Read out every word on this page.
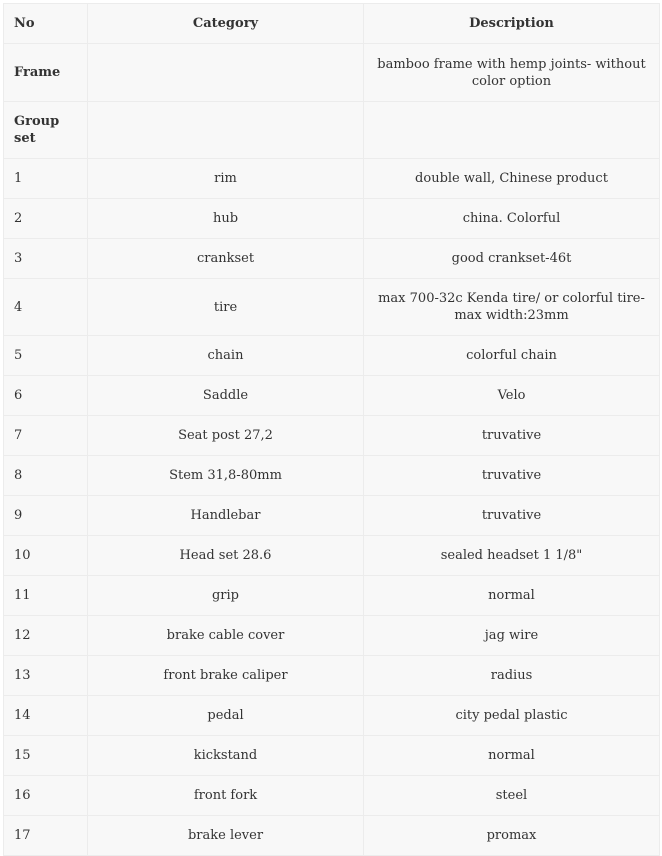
No	Category	Description
Frame		bamboo frame with hemp joints- without color option
Group set		
1	rim	double wall, Chinese product
2	hub	china. Colorful
3	crankset	good crankset-46t
4	tire	max 700-32c Kenda tire/ or colorful tire-max width:23mm
5	chain	colorful chain
6	Saddle	Velo
7	Seat post 27,2	truvative
8	Stem 31,8-80mm	truvative
9	Handlebar	truvative
10	Head set 28.6	sealed headset 1 1/8"
11	grip	normal
12	brake cable cover	jag wire
13	front brake caliper	radius
14	pedal	city pedal plastic
15	kickstand	normal
16	front fork	steel
17	brake lever	promax
